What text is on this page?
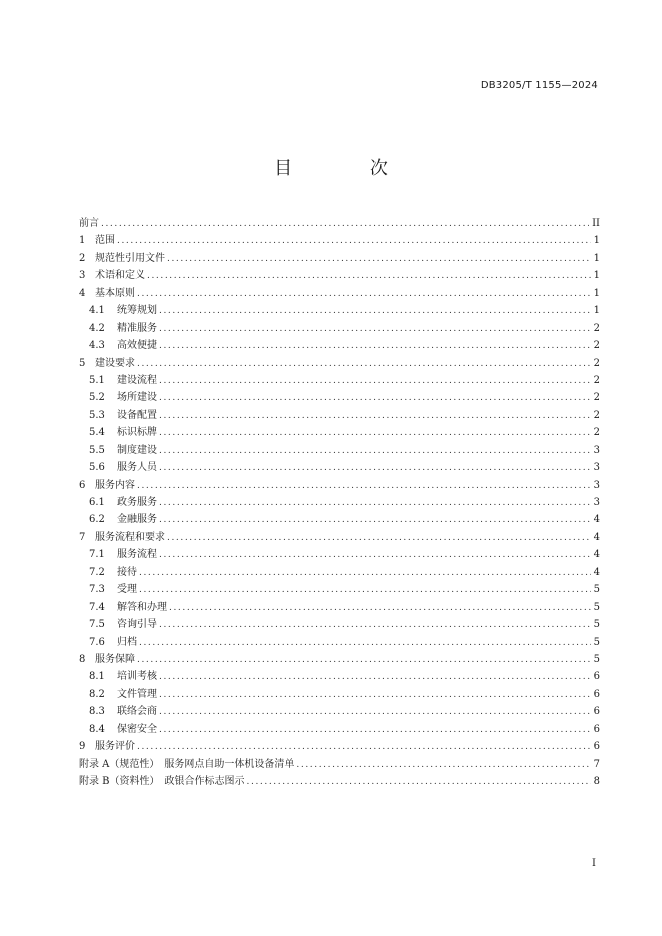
DB3205/T 1155—2024
目 次
前言 .....	II
1 范围 .....	1
2 规范性引用文件 .....	1
3 术语和定义 .....	1
4 基本原则 .....	1
4.1	统筹规划 .....	1
4.2	精准服务 .....	2
4.3	高效便捷 .....	2
5 建设要求 .....	2
5.1	建设流程 .....	2
5.2	场所建设 .....	2
5.3	设备配置 .....	2
5.4	标识标牌 .....	2
5.5	制度建设 .....	3
5.6	服务人员 .....	3
6 服务内容 .....	3
6.1	政务服务 .....	3
6.2	金融服务 .....	4
7 服务流程和要求 .....	4
7.1	服务流程 .....	4
7.2	接待 .....	4
7.3	受理 .....	5
7.4	解答和办理 .....	5
7.5	咨询引导 .....	5
7.6	归档 .....	5
8 服务保障 .....	5
8.1	培训考核 .....	6
8.2	文件管理 .....	6
8.3	联络会商 .....	6
8.4	保密安全 .....	6
9 服务评价 .....	6
附录 A（规范性）　服务网点自助一体机设备清单 .....	7
附录 B（资料性）　政银合作标志图示 .....	8
I
